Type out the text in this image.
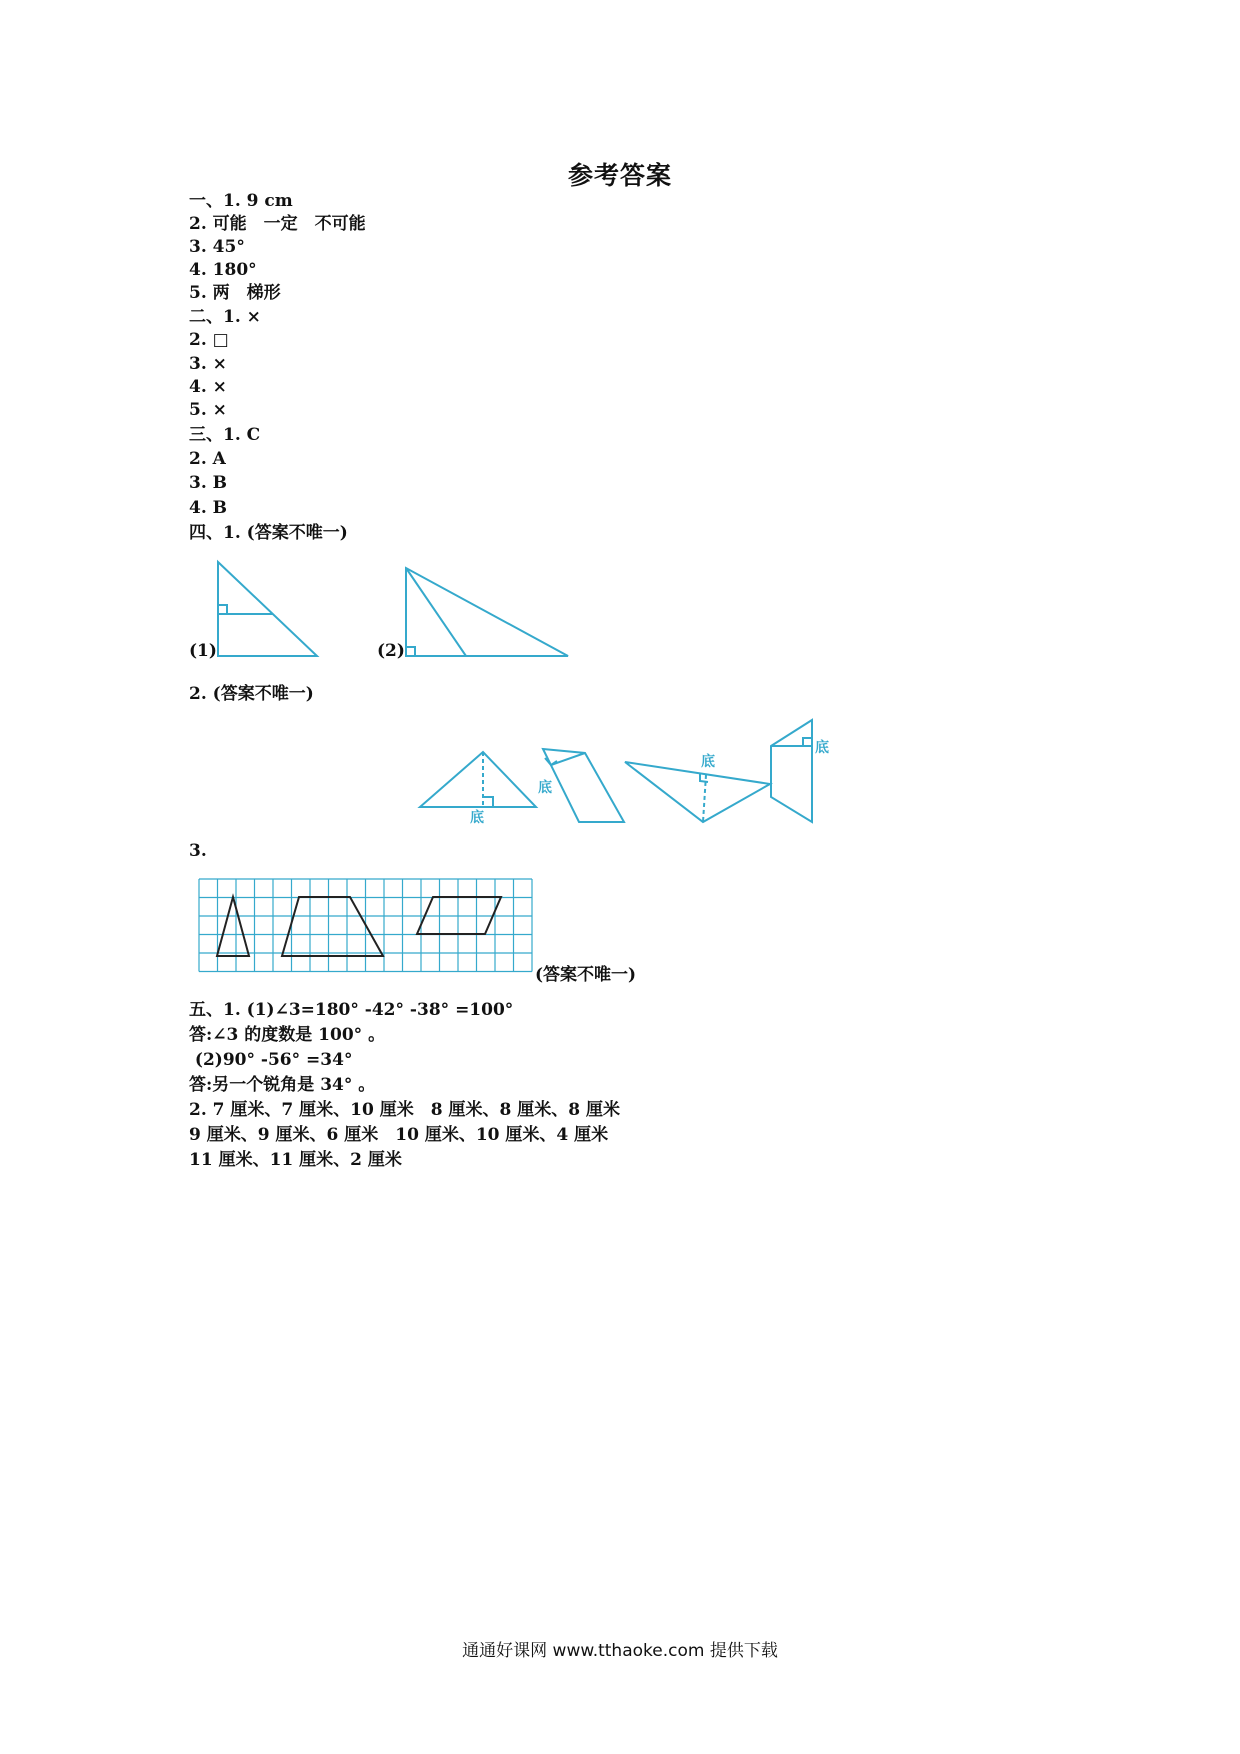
参考答案
一、1. 9 cm
2. 可能　一定　不可能
3. 45°
4. 180°
5. 两　梯形
二、1. ×
2. □
3. ×
4. ×
5. ×
三、1. C
2. A
3. B
4. B
四、1. (答案不唯一)
(1)	(2)
2. (答案不唯一)
底
底
底
底
3.
(答案不唯一)
五、1. (1)∠3=180° -42° -38° =100°
答:∠3 的度数是 100° 。
(2)90° -56° =34°
答:另一个锐角是 34° 。
2. 7 厘米、7 厘米、10 厘米　8 厘米、8 厘米、8 厘米
9 厘米、9 厘米、6 厘米　10 厘米、10 厘米、4 厘米
11 厘米、11 厘米、2 厘米
通通好课网 www.tthaoke.com 提供下载
